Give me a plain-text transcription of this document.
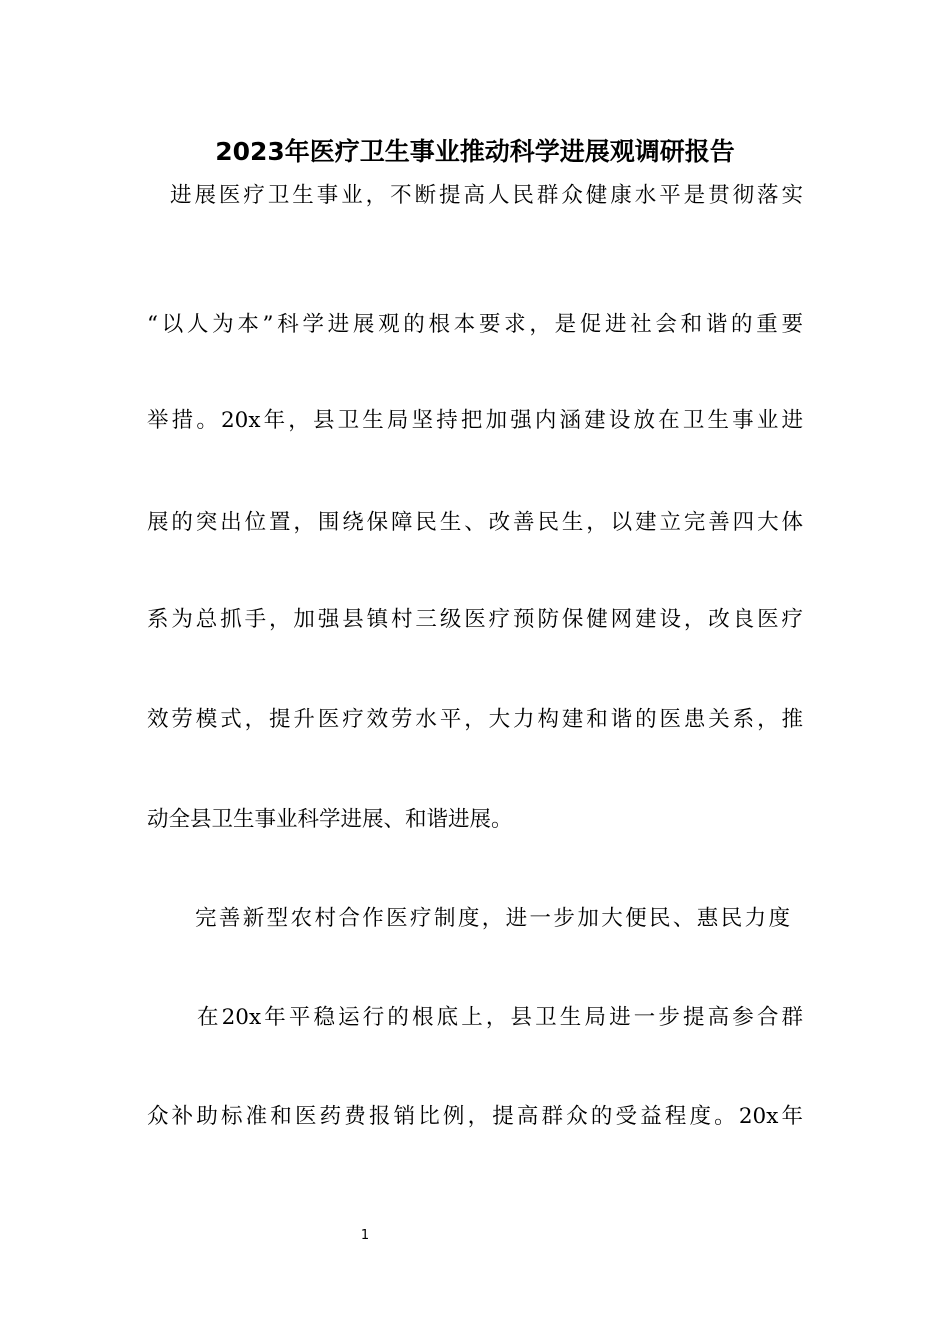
2023年医疗卫生事业推动科学进展观调研报告
进展医疗卫生事业，不断提高人民群众健康水平是贯彻落实
“以人为本”科学进展观的根本要求，是促进社会和谐的重要
举措。20x年，县卫生局坚持把加强内涵建设放在卫生事业进
展的突出位置，围绕保障民生、改善民生，以建立完善四大体
系为总抓手，加强县镇村三级医疗预防保健网建设，改良医疗
效劳模式，提升医疗效劳水平，大力构建和谐的医患关系，推
动全县卫生事业科学进展、和谐进展。
完善新型农村合作医疗制度，进一步加大便民、惠民力度
在20x年平稳运行的根底上，县卫生局进一步提高参合群
众补助标准和医药费报销比例，提高群众的受益程度。20x年
1
